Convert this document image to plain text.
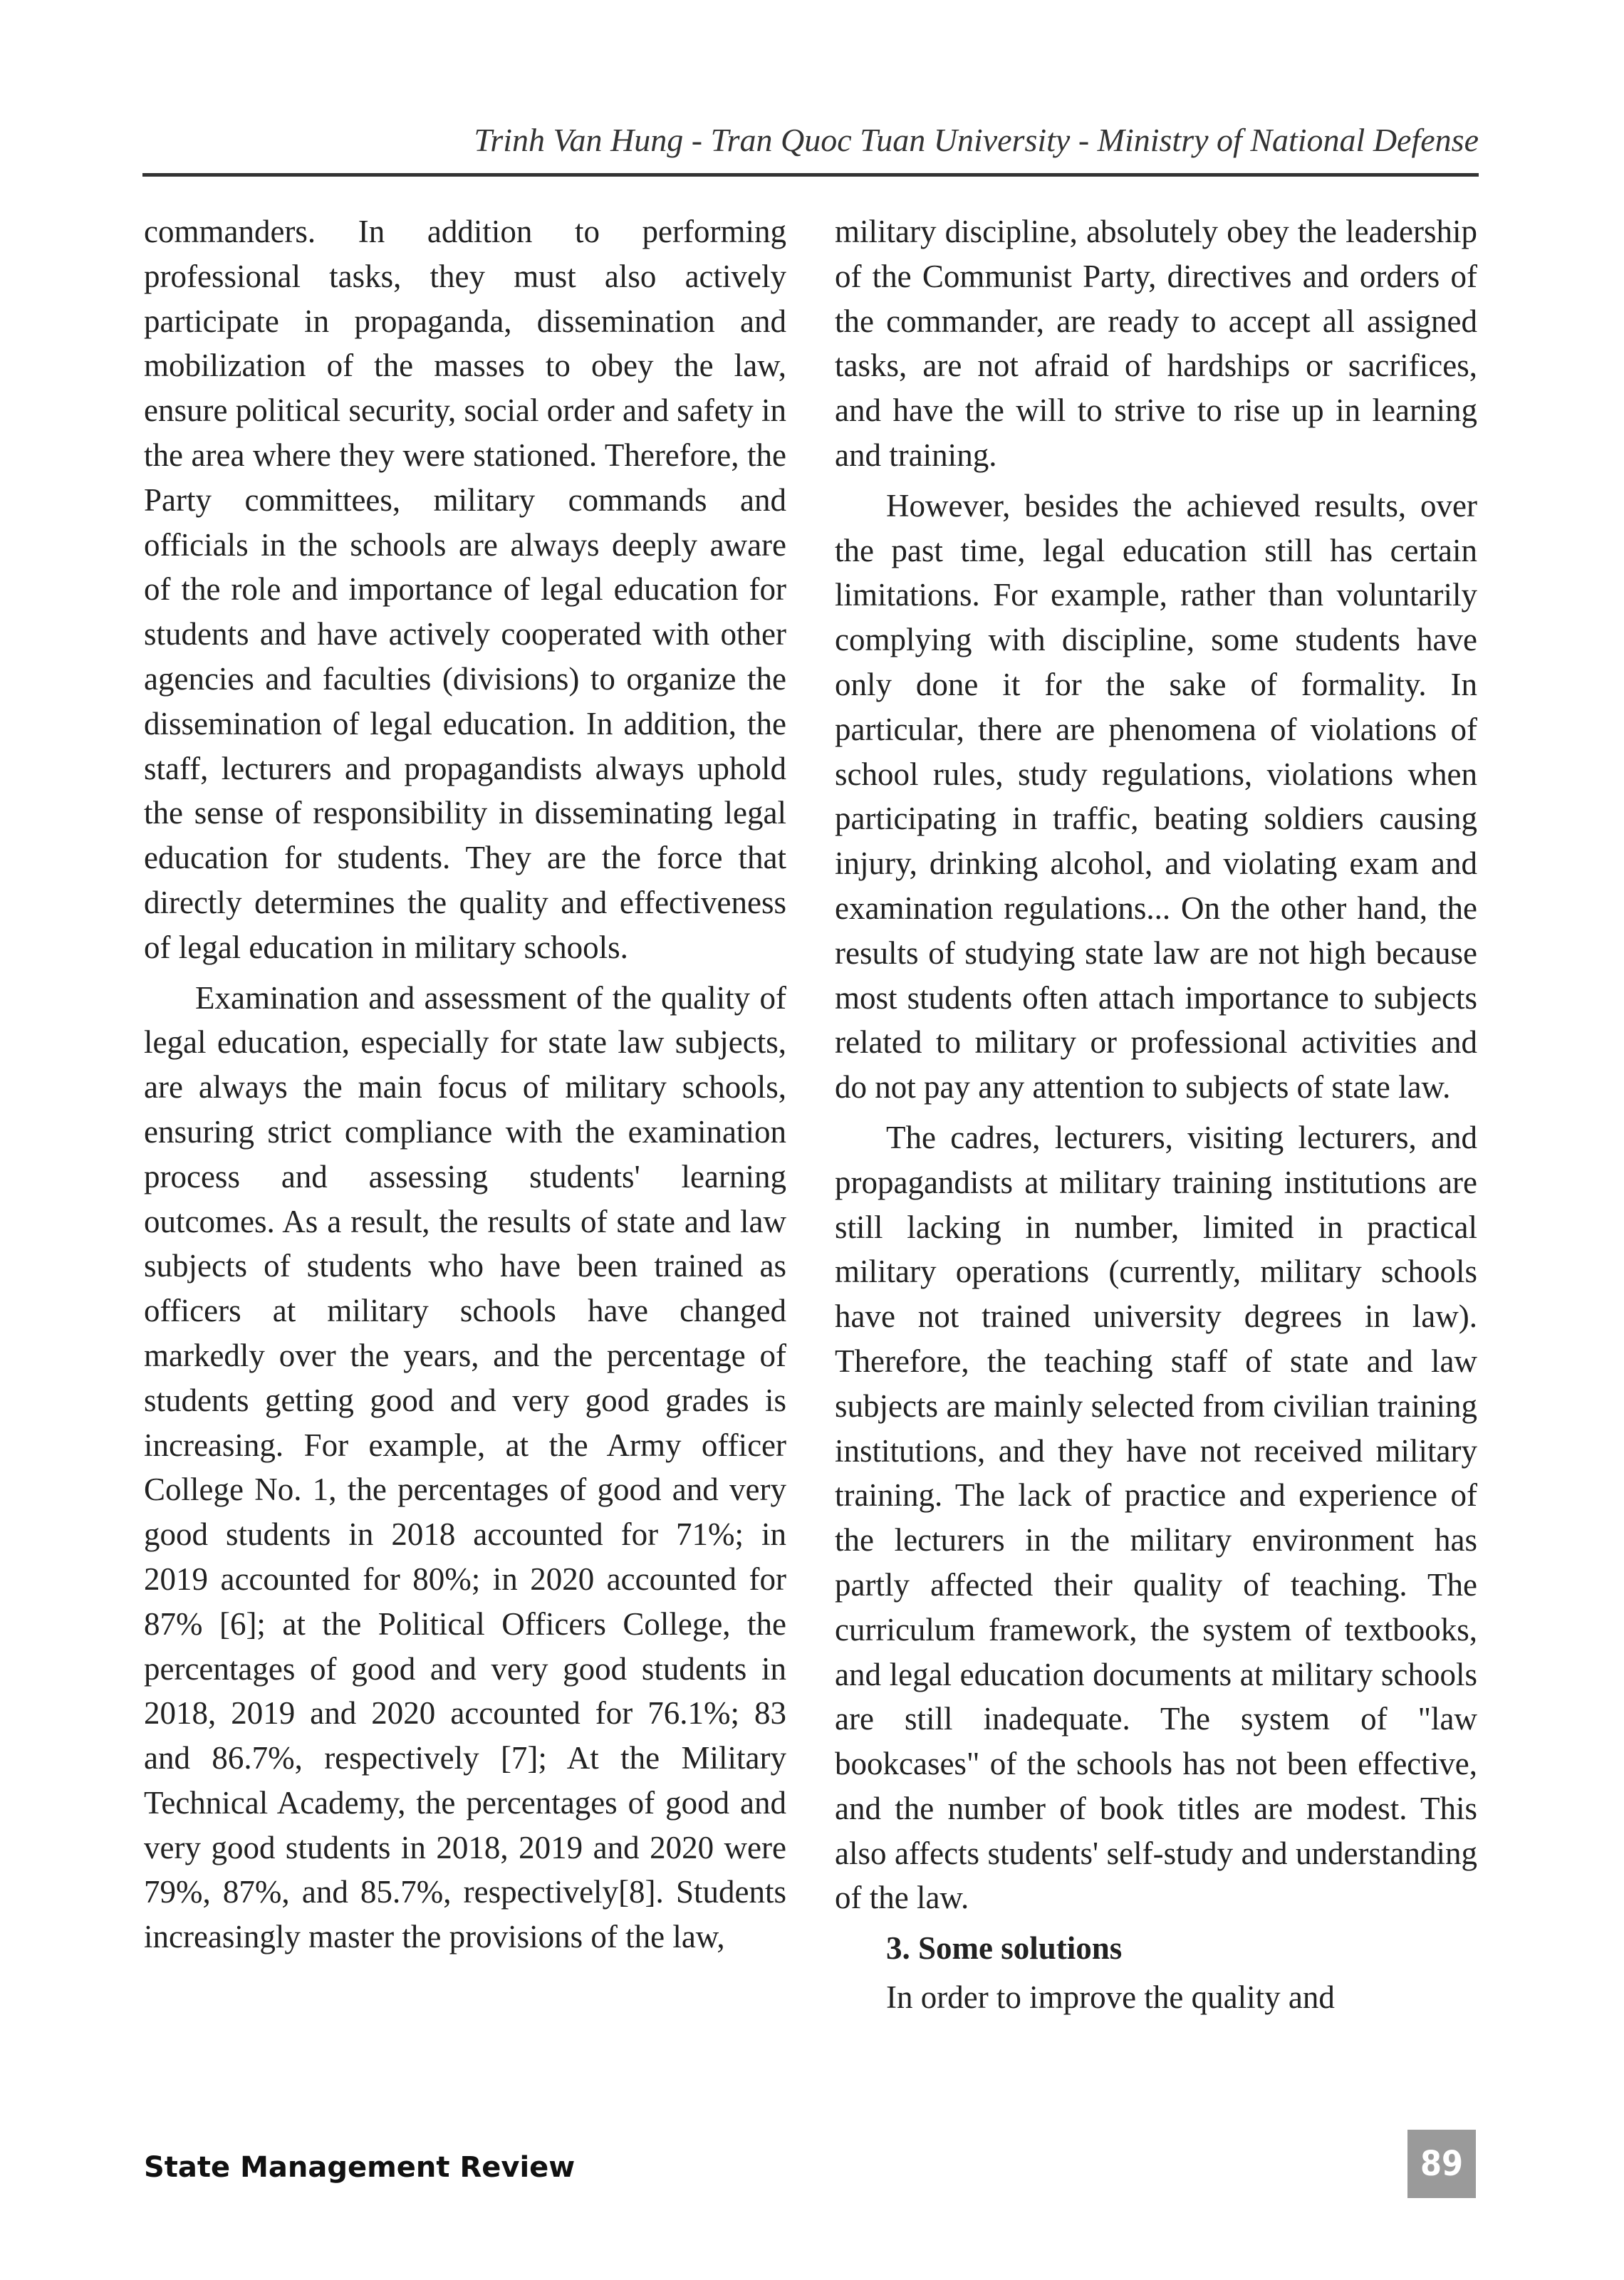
Trinh Van Hung - Tran Quoc Tuan University - Ministry of National Defense

commanders. In addition to performing professional tasks, they must also actively participate in propaganda, dissemination and mobilization of the masses to obey the law, ensure political security, social order and safety in the area where they were stationed. Therefore, the Party committees, military commands and officials in the schools are always deeply aware of the role and importance of legal education for students and have actively cooperated with other agencies and faculties (divisions) to organize the dissemination of legal education. In addition, the staff, lecturers and propagandists always uphold the sense of responsibility in disseminating legal education for students. They are the force that directly determines the quality and effectiveness of legal education in military schools.

Examination and assessment of the quality of legal education, especially for state law subjects, are always the main focus of military schools, ensuring strict compliance with the examination process and assessing students' learning outcomes. As a result, the results of state and law subjects of students who have been trained as officers at military schools have changed markedly over the years, and the percentage of students getting good and very good grades is increasing. For example, at the Army officer College No. 1, the percentages of good and very good students in 2018 accounted for 71%; in 2019 accounted for 80%; in 2020 accounted for 87% [6]; at the Political Officers College, the percentages of good and very good students in 2018, 2019 and 2020 accounted for 76.1%; 83 and 86.7%, respectively [7]; At the Military Technical Academy, the percentages of good and very good students in 2018, 2019 and 2020 were 79%, 87%, and 85.7%, respectively[8]. Students increasingly master the provisions of the law,

military discipline, absolutely obey the leadership of the Communist Party, directives and orders of the commander, are ready to accept all assigned tasks, are not afraid of hardships or sacrifices, and have the will to strive to rise up in learning and training.

However, besides the achieved results, over the past time, legal education still has certain limitations. For example, rather than voluntarily complying with discipline, some students have only done it for the sake of formality. In particular, there are phenomena of violations of school rules, study regulations, violations when participating in traffic, beating soldiers causing injury, drinking alcohol, and violating exam and examination regulations... On the other hand, the results of studying state law are not high because most students often attach importance to subjects related to military or professional activities and do not pay any attention to subjects of state law.

The cadres, lecturers, visiting lecturers, and propagandists at military training institutions are still lacking in number, limited in practical military operations (currently, military schools have not trained university degrees in law). Therefore, the teaching staff of state and law subjects are mainly selected from civilian training institutions, and they have not received military training. The lack of practice and experience of the lecturers in the military environment has partly affected their quality of teaching. The curriculum framework, the system of textbooks, and legal education documents at military schools are still inadequate. The system of "law bookcases" of the schools has not been effective, and the number of book titles are modest. This also affects students' self-study and understanding of the law.

3. Some solutions

In order to improve the quality and

State Management Review	89
